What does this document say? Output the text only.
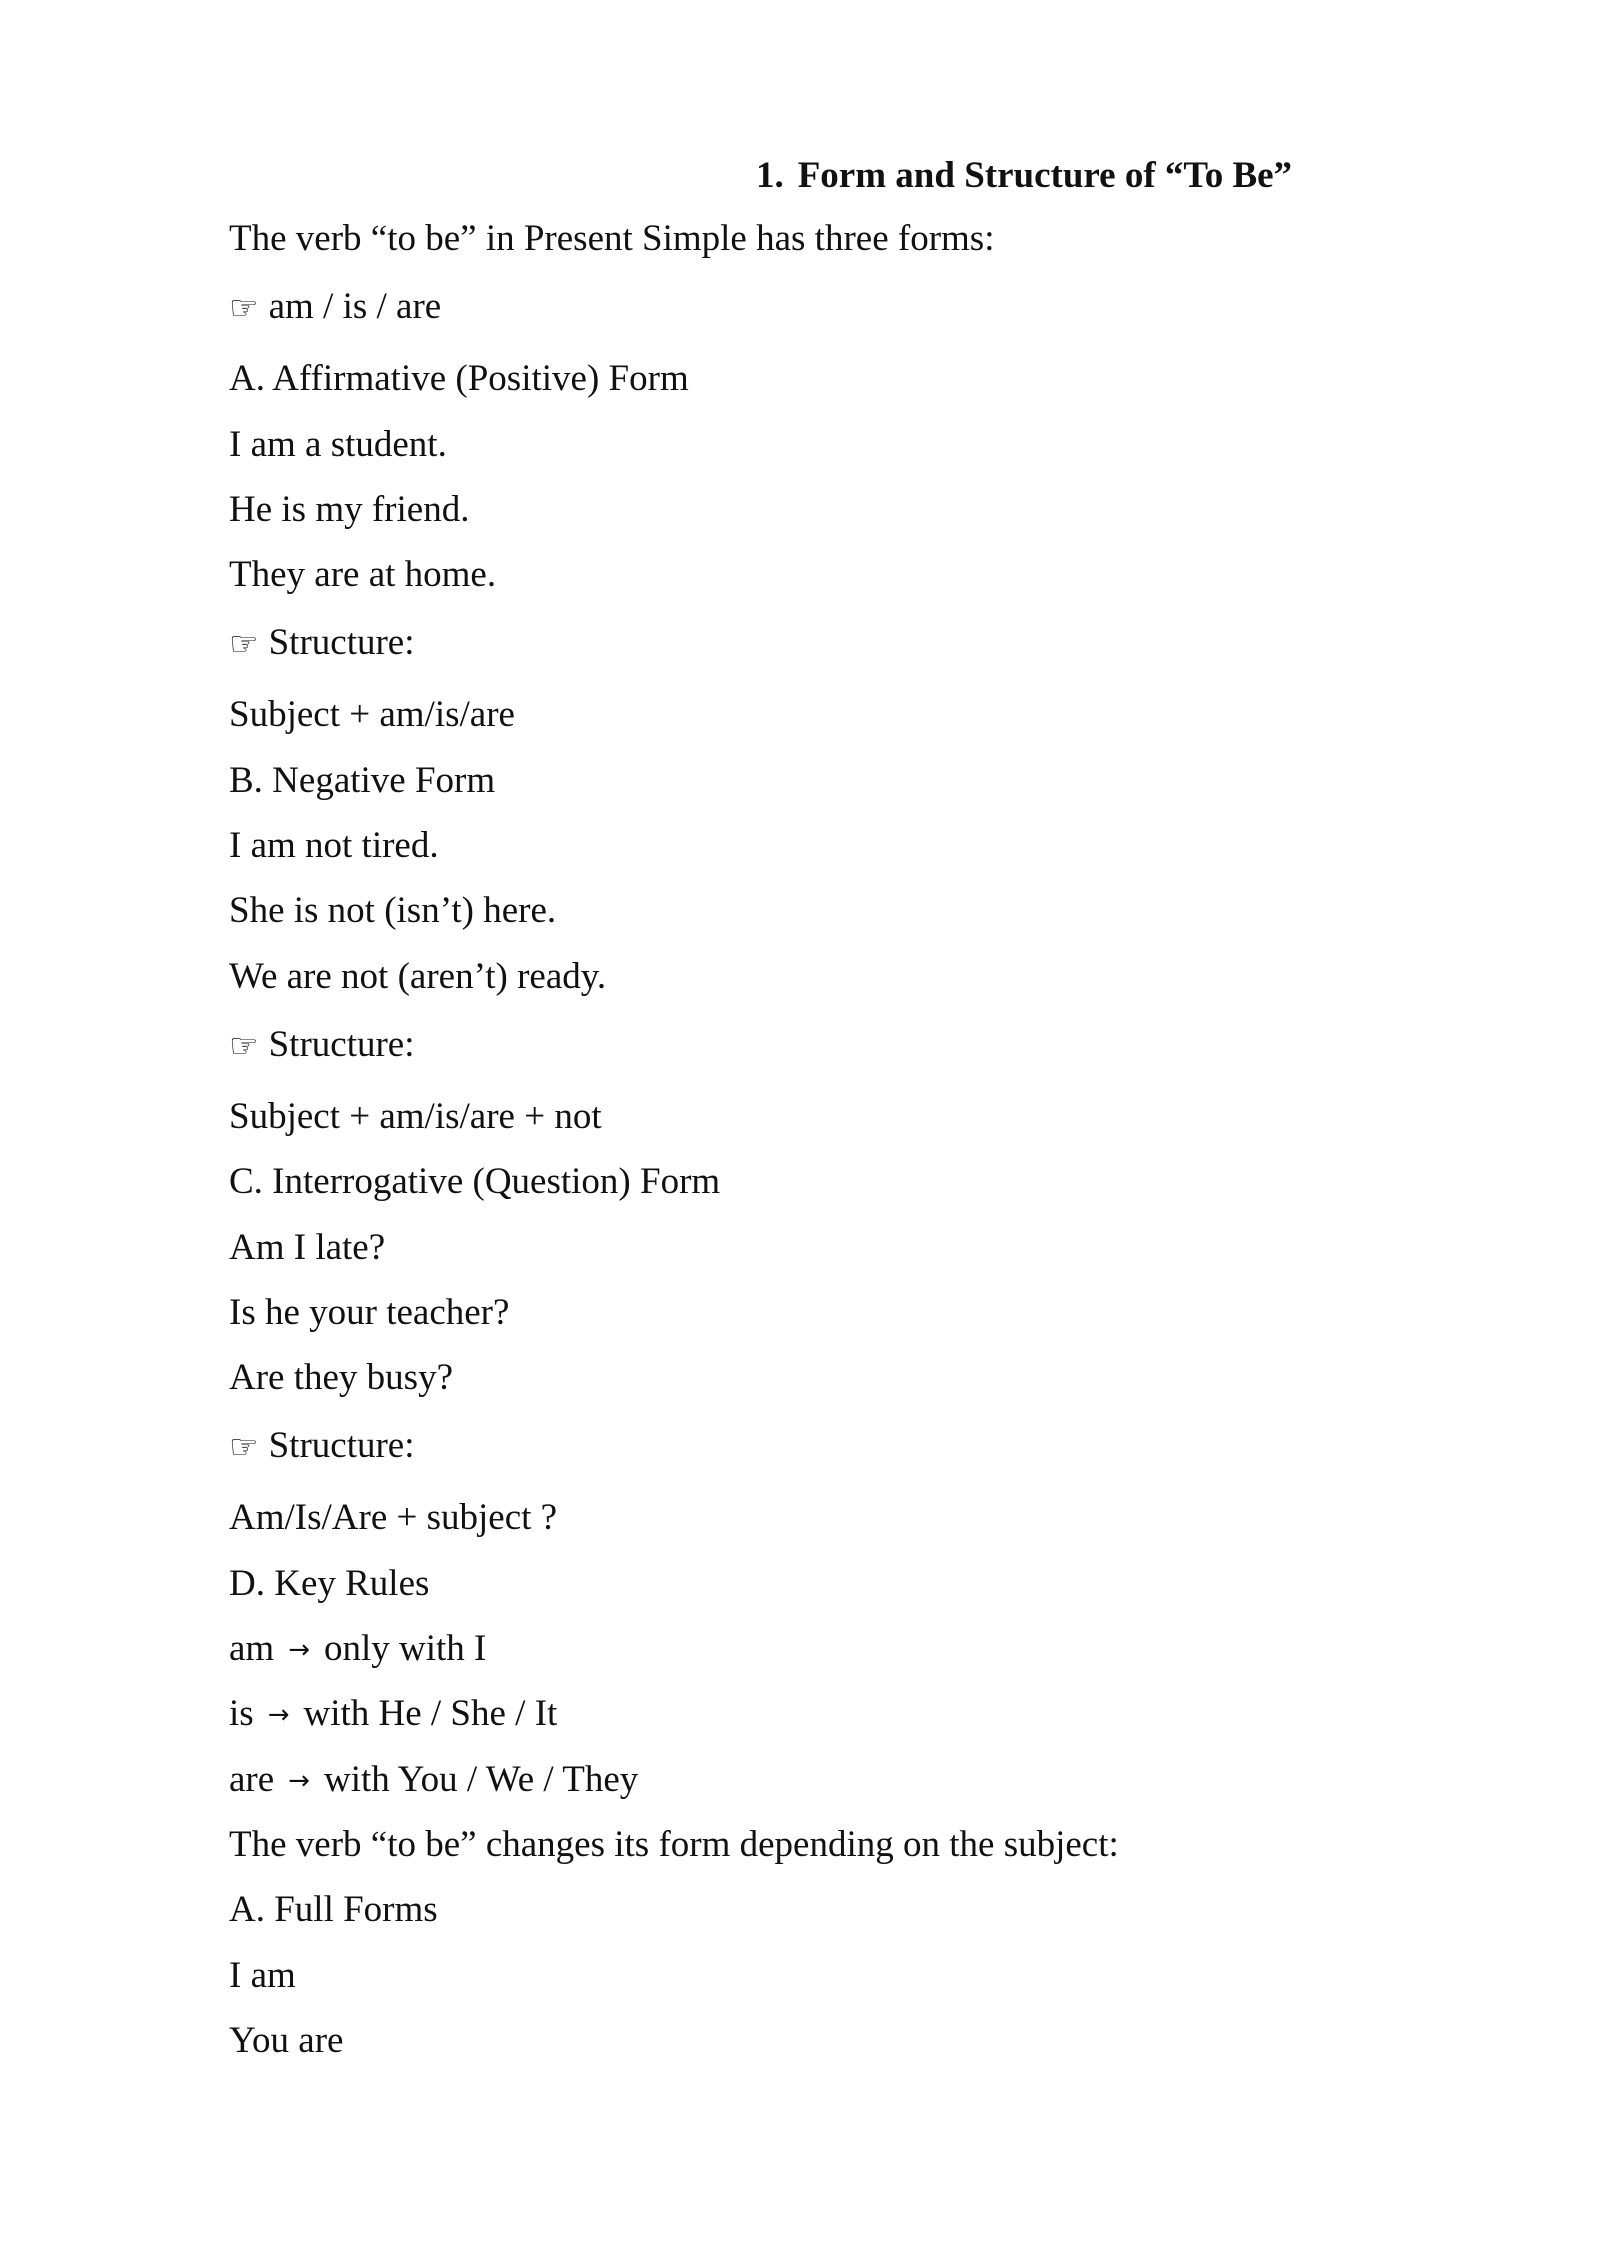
1. Form and Structure of “To Be”
The verb “to be” in Present Simple has three forms:
☞ am / is / are
A. Affirmative (Positive) Form
I am a student.
He is my friend.
They are at home.
☞ Structure:
Subject + am/is/are
B. Negative Form
I am not tired.
She is not (isn’t) here.
We are not (aren’t) ready.
☞ Structure:
Subject + am/is/are + not
C. Interrogative (Question) Form
Am I late?
Is he your teacher?
Are they busy?
☞ Structure:
Am/Is/Are + subject ?
D. Key Rules
am → only with I
is → with He / She / It
are → with You / We / They
The verb “to be” changes its form depending on the subject:
A. Full Forms
I am
You are
